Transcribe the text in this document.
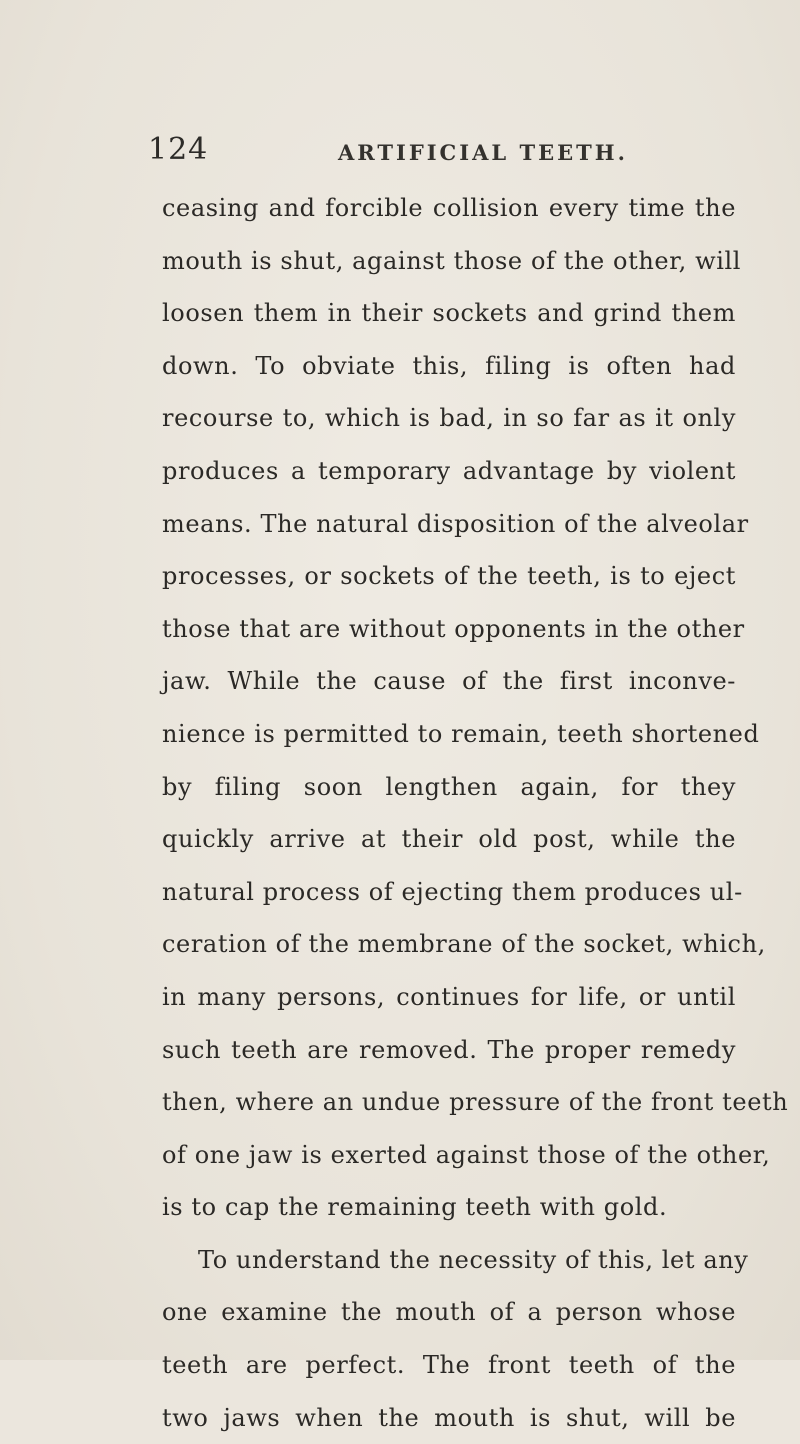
124	ARTIFICIAL TEETH.
ceasing and forcible collision every time the
mouth is shut, against those of the other, will
loosen them in their sockets and grind them
down. To obviate this, filing is often had
recourse to, which is bad, in so far as it only
produces a temporary advantage by violent
means. The natural disposition of the alveolar
processes, or sockets of the teeth, is to eject
those that are without opponents in the other
jaw. While the cause of the first inconve-
nience is permitted to remain, teeth shortened
by filing soon lengthen again, for they
quickly arrive at their old post, while the
natural process of ejecting them produces ul-
ceration of the membrane of the socket, which,
in many persons, continues for life, or until
such teeth are removed. The proper remedy
then, where an undue pressure of the front teeth
of one jaw is exerted against those of the other,
is to cap the remaining teeth with gold.
To understand the necessity of this, let any
one examine the mouth of a person whose
teeth are perfect. The front teeth of the
two jaws when the mouth is shut, will be
